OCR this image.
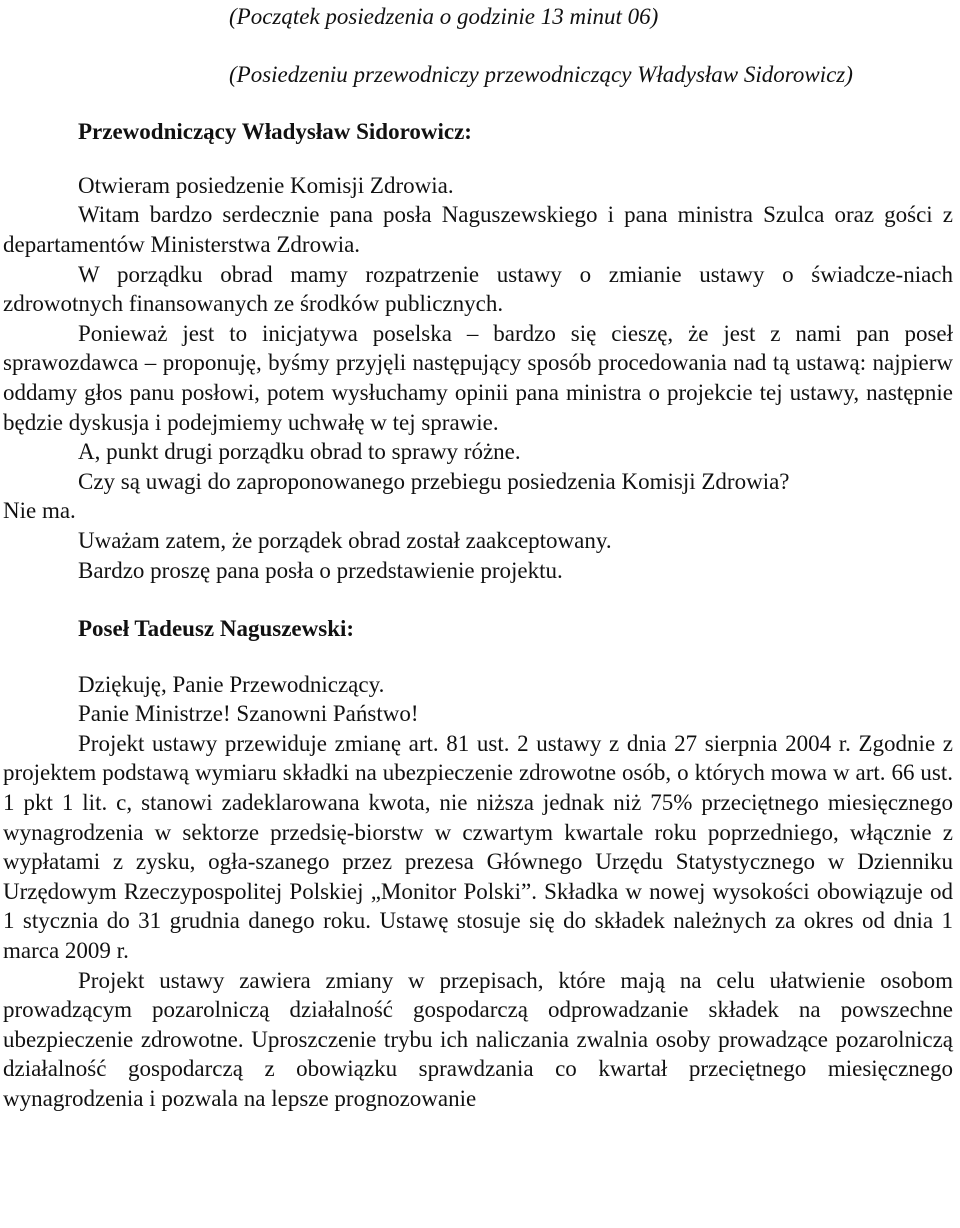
(Początek posiedzenia o godzinie 13 minut 06)

(Posiedzeniu przewodniczy przewodniczący Władysław Sidorowicz)

Przewodniczący Władysław Sidorowicz:

Otwieram posiedzenie Komisji Zdrowia.

Witam bardzo serdecznie pana posła Naguszewskiego i pana ministra Szulca oraz gości z departamentów Ministerstwa Zdrowia.

W porządku obrad mamy rozpatrzenie ustawy o zmianie ustawy o świadcze-niach zdrowotnych finansowanych ze środków publicznych.

Ponieważ jest to inicjatywa poselska – bardzo się cieszę, że jest z nami pan poseł sprawozdawca – proponuję, byśmy przyjęli następujący sposób procedowania nad tą ustawą: najpierw oddamy głos panu posłowi, potem wysłuchamy opinii pana ministra o projekcie tej ustawy, następnie będzie dyskusja i podejmiemy uchwałę w tej sprawie.

A, punkt drugi porządku obrad to sprawy różne.

Czy są uwagi do zaproponowanego przebiegu posiedzenia Komisji Zdrowia?

Nie ma.

Uważam zatem, że porządek obrad został zaakceptowany.

Bardzo proszę pana posła o przedstawienie projektu.

Poseł Tadeusz Naguszewski:

Dziękuję, Panie Przewodniczący.

Panie Ministrze! Szanowni Państwo!

Projekt ustawy przewiduje zmianę art. 81 ust. 2 ustawy z dnia 27 sierpnia 2004 r. Zgodnie z projektem podstawą wymiaru składki na ubezpieczenie zdrowotne osób, o których mowa w art. 66 ust. 1 pkt 1 lit. c, stanowi zadeklarowana kwota, nie niższa jednak niż 75% przeciętnego miesięcznego wynagrodzenia w sektorze przedsię-biorstw w czwartym kwartale roku poprzedniego, włącznie z wypłatami z zysku, ogła-szanego przez prezesa Głównego Urzędu Statystycznego w Dzienniku Urzędowym Rzeczypospolitej Polskiej „Monitor Polski”. Składka w nowej wysokości obowiązuje od 1 stycznia do 31 grudnia danego roku. Ustawę stosuje się do składek należnych za okres od dnia 1 marca 2009 r.

Projekt ustawy zawiera zmiany w przepisach, które mają na celu ułatwienie osobom prowadzącym pozarolniczą działalność gospodarczą odprowadzanie składek na powszechne ubezpieczenie zdrowotne. Uproszczenie trybu ich naliczania zwalnia osoby prowadzące pozarolniczą działalność gospodarczą z obowiązku sprawdzania co kwartał przeciętnego miesięcznego wynagrodzenia i pozwala na lepsze prognozowanie
